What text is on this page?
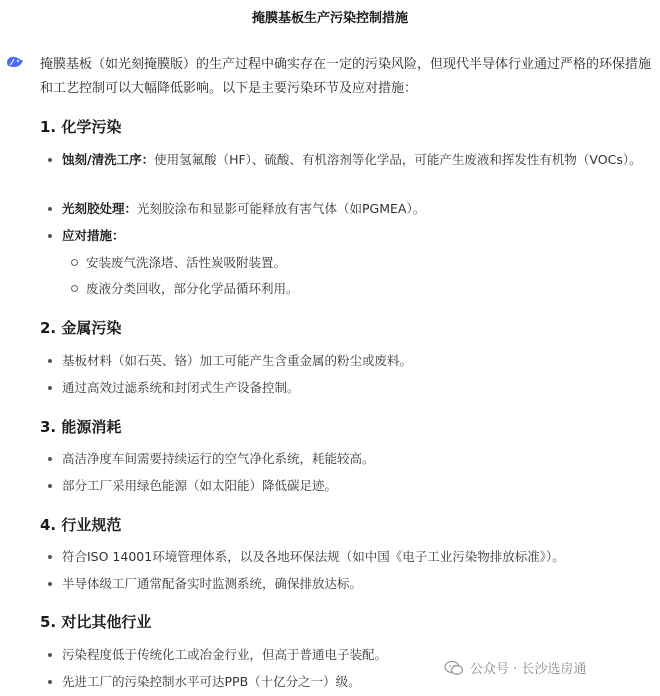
掩膜基板生产污染控制措施
掩膜基板（如光刻掩膜版）的生产过程中确实存在一定的污染风险，但现代半导体行业通过严格的环保措施和工艺控制可以大幅降低影响。以下是主要污染环节及应对措施：
1. 化学污染
蚀刻/清洗工序：使用氢氟酸（HF）、硫酸、有机溶剂等化学品，可能产生废液和挥发性有机物（VOCs）。
光刻胶处理：光刻胶涂布和显影可能释放有害气体（如PGMEA）。
应对措施：
安装废气洗涤塔、活性炭吸附装置。
废液分类回收，部分化学品循环利用。
2. 金属污染
基板材料（如石英、铬）加工可能产生含重金属的粉尘或废料。
通过高效过滤系统和封闭式生产设备控制。
3. 能源消耗
高洁净度车间需要持续运行的空气净化系统，耗能较高。
部分工厂采用绿色能源（如太阳能）降低碳足迹。
4. 行业规范
符合ISO 14001环境管理体系，以及各地环保法规（如中国《电子工业污染物排放标准》）。
半导体级工厂通常配备实时监测系统，确保排放达标。
5. 对比其他行业
污染程度低于传统化工或冶金行业，但高于普通电子装配。
先进工厂的污染控制水平可达PPB（十亿分之一）级。
公众号 · 长沙选房通
